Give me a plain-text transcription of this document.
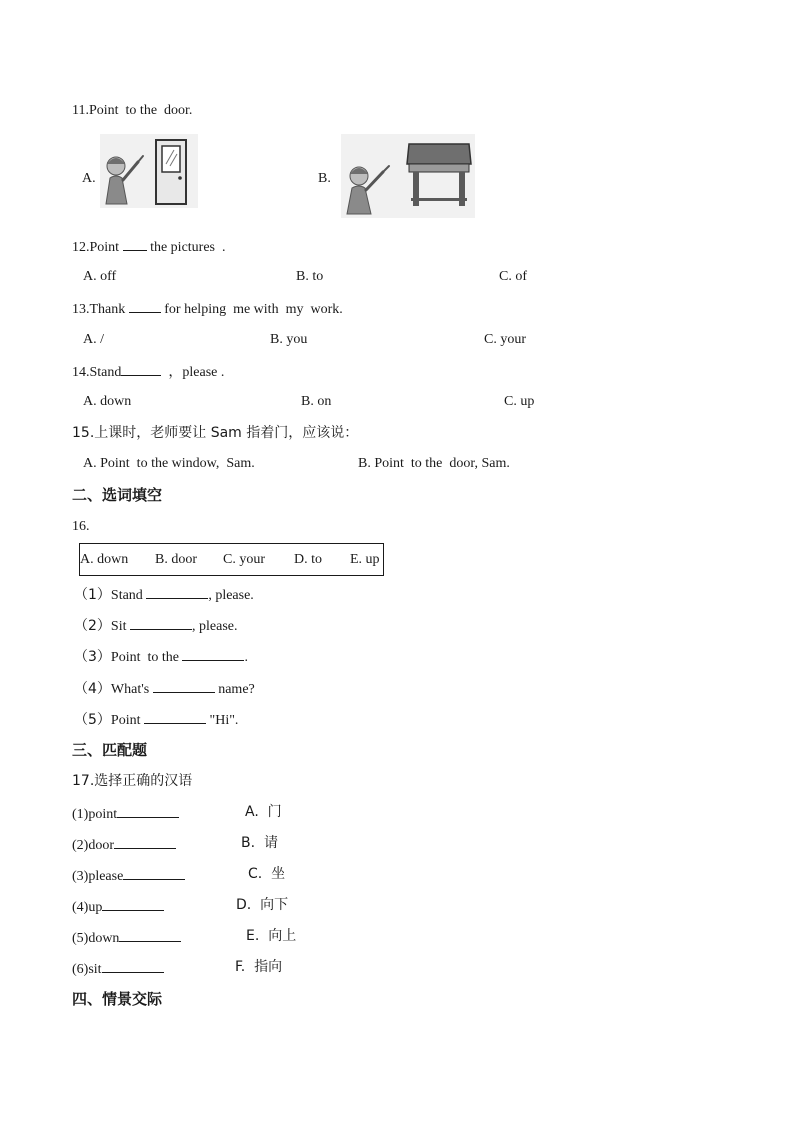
11.Point  to the  door.
A.	B.
12.Point  the pictures  .
A. off	B. to	C. of
13.Thank  for helping  me with  my  work.
A. /	B. you	C. your
14.Stand	，please .
A. down	B. on	C. up
15.上课时，老师要让 Sam 指着门，应该说：
A. Point  to the window,  Sam.	B. Point  to the  door, Sam.
二、选词填空
16.
A. down B. door C. your D. to E. up
（1）Stand	, please.
（2）Sit	, please.
（3）Point  to the	.
（4）What's	name?
（5）Point	"Hi".
三、匹配题
17.选择正确的汉语
(1)point	A.  门
(2)door	B.  请
(3)please	C.  坐
(4)up	D.  向下
(5)down	E.  向上
(6)sit	F.  指向
四、情景交际
